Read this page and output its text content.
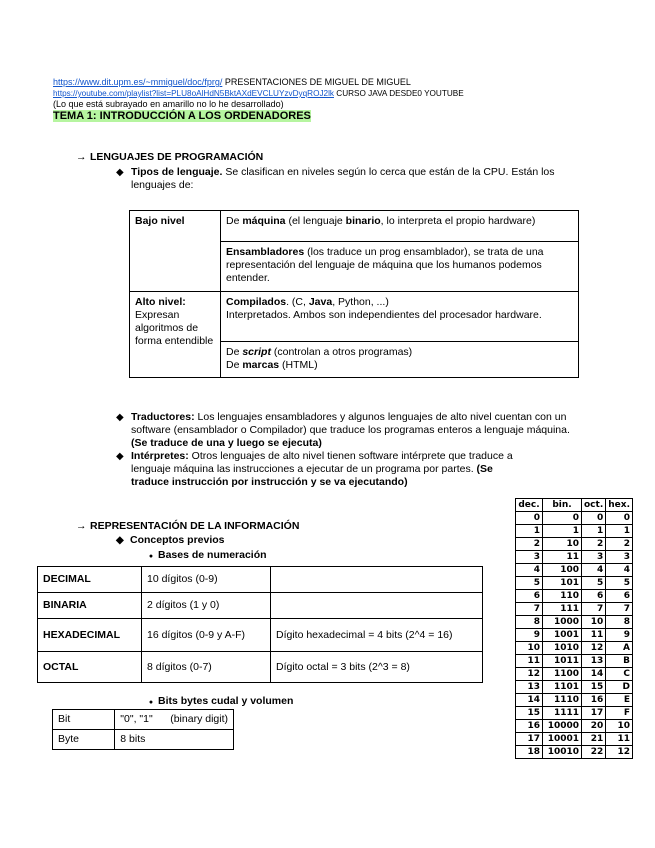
https://www.dit.upm.es/~mmiguel/doc/fprg/ PRESENTACIONES DE MIGUEL DE MIGUEL
https://youtube.com/playlist?list=PLU8oAlHdN5BktAXdEVCLUYzvDyqROJ2lk CURSO JAVA DESDE0 YOUTUBE
(Lo que está subrayado en amarillo no lo he desarrollado)
TEMA 1: INTRODUCCIÓN A LOS ORDENADORES
→ LENGUAJES DE PROGRAMACIÓN
◆ Tipos de lenguaje. Se clasifican en niveles según lo cerca que están de la CPU. Están los lenguajes de:
Bajo nivel	De máquina (el lenguaje binario, lo interpreta el propio hardware)
	Ensambladores (los traduce un prog ensamblador), se trata de una representación del lenguaje de máquina que los humanos podemos entender.
Alto nivel:
Expresan algoritmos de forma entendible	Compilados. (C, Java, Python, ...)
Interpretados. Ambos son independientes del procesador hardware.
	De script (controlan a otros programas)
De marcas (HTML)
◆ Traductores: Los lenguajes ensambladores y algunos lenguajes de alto nivel cuentan con un software (ensamblador o Compilador) que traduce los programas enteros a lenguaje máquina. (Se traduce de una y luego se ejecuta)
◆ Intérpretes: Otros lenguajes de alto nivel tienen software intérprete que traduce a lenguaje máquina las instrucciones a ejecutar de un programa por partes. (Se traduce instrucción por instrucción y se va ejecutando)
→ REPRESENTACIÓN DE LA INFORMACIÓN
◆ Conceptos previos
● Bases de numeración
DECIMAL	10 dígitos (0-9)	
BINARIA	2 dígitos (1 y 0)	
HEXADECIMAL	16 dígitos (0-9 y A-F)	Dígito hexadecimal = 4 bits (2^4 = 16)
OCTAL	8 dígitos (0-7)	Dígito octal = 3 bits (2^3 = 8)
● Bits bytes cudal y volumen
Bit	"0", "1"      (binary digit)
Byte	8 bits
dec.	bin.	oct.	hex.
0	0	0	0
1	1	1	1
2	10	2	2
3	11	3	3
4	100	4	4
5	101	5	5
6	110	6	6
7	111	7	7
8	1000	10	8
9	1001	11	9
10	1010	12	A
11	1011	13	B
12	1100	14	C
13	1101	15	D
14	1110	16	E
15	1111	17	F
16	10000	20	10
17	10001	21	11
18	10010	22	12
